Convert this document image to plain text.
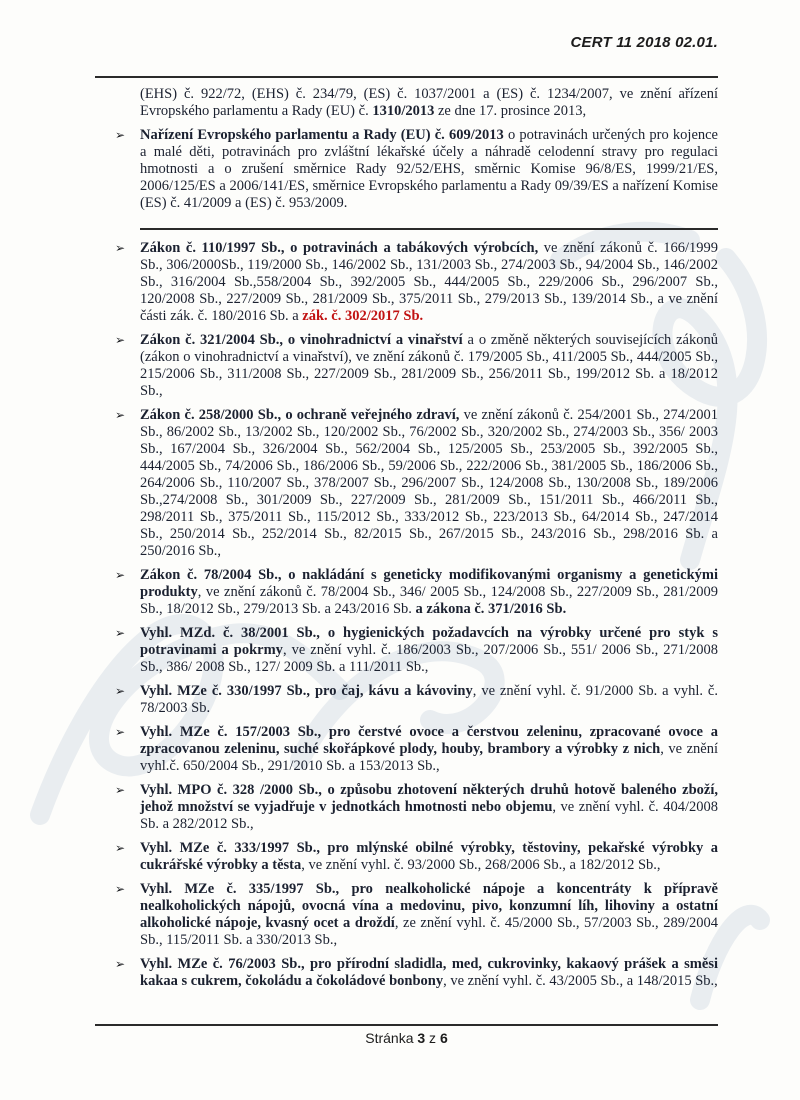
CERT 11 2018 02.01.
(EHS) č. 922/72, (EHS) č. 234/79, (ES) č. 1037/2001 a (ES) č. 1234/2007, ve znění ařízení Evropského parlamentu a Rady (EU) č. 1310/2013 ze dne 17. prosince 2013,
➢ Nařízení Evropského parlamentu a Rady (EU) č. 609/2013 o potravinách určených pro kojence a malé děti, potravinách pro zvláštní lékařské účely a náhradě celodenní stravy pro regulaci hmotnosti a o zrušení směrnice Rady 92/52/EHS, směrnic Komise 96/8/ES, 1999/21/ES, 2006/125/ES a 2006/141/ES, směrnice Evropského parlamentu a Rady 09/39/ES a nařízení Komise (ES) č. 41/2009 a (ES) č. 953/2009.
➢ Zákon č. 110/1997 Sb., o potravinách a tabákových výrobcích, ve znění zákonů č. 166/1999 Sb., 306/2000Sb., 119/2000 Sb., 146/2002 Sb., 131/2003 Sb., 274/2003 Sb., 94/2004 Sb., 146/2002 Sb., 316/2004 Sb.,558/2004 Sb., 392/2005 Sb., 444/2005 Sb., 229/2006 Sb., 296/2007 Sb., 120/2008 Sb., 227/2009 Sb., 281/2009 Sb., 375/2011 Sb., 279/2013 Sb., 139/2014 Sb., a ve znění části zák. č. 180/2016 Sb. a zák. č. 302/2017 Sb.
➢ Zákon č. 321/2004 Sb., o vinohradnictví a vinařství a o změně některých souvisejících zákonů (zákon o vinohradnictví a vinařství), ve znění zákonů č. 179/2005 Sb., 411/2005 Sb., 444/2005 Sb., 215/2006 Sb., 311/2008 Sb., 227/2009 Sb., 281/2009 Sb., 256/2011 Sb., 199/2012 Sb. a 18/2012 Sb.,
➢ Zákon č. 258/2000 Sb., o ochraně veřejného zdraví, ve znění zákonů č. 254/2001 Sb., 274/2001 Sb., 86/2002 Sb., 13/2002 Sb., 120/2002 Sb., 76/2002 Sb., 320/2002 Sb., 274/2003 Sb., 356/ 2003 Sb., 167/2004 Sb., 326/2004 Sb., 562/2004 Sb., 125/2005 Sb., 253/2005 Sb., 392/2005 Sb., 444/2005 Sb., 74/2006 Sb., 186/2006 Sb., 59/2006 Sb., 222/2006 Sb., 381/2005 Sb., 186/2006 Sb., 264/2006 Sb., 110/2007 Sb., 378/2007 Sb., 296/2007 Sb., 124/2008 Sb., 130/2008 Sb., 189/2006 Sb.,274/2008 Sb., 301/2009 Sb., 227/2009 Sb., 281/2009 Sb., 151/2011 Sb., 466/2011 Sb., 298/2011 Sb., 375/2011 Sb., 115/2012 Sb., 333/2012 Sb., 223/2013 Sb., 64/2014 Sb., 247/2014 Sb., 250/2014 Sb., 252/2014 Sb., 82/2015 Sb., 267/2015 Sb., 243/2016 Sb., 298/2016 Sb. a 250/2016 Sb.,
➢ Zákon č. 78/2004 Sb., o nakládání s geneticky modifikovanými organismy a genetickými produkty, ve znění zákonů č. 78/2004 Sb., 346/ 2005 Sb., 124/2008 Sb., 227/2009 Sb., 281/2009 Sb., 18/2012 Sb., 279/2013 Sb. a 243/2016 Sb. a zákona č. 371/2016 Sb.
➢ Vyhl. MZd. č. 38/2001 Sb., o hygienických požadavcích na výrobky určené pro styk s potravinami a pokrmy, ve znění vyhl. č. 186/2003 Sb., 207/2006 Sb., 551/ 2006 Sb., 271/2008 Sb., 386/ 2008 Sb., 127/ 2009 Sb. a 111/2011 Sb.,
➢ Vyhl. MZe č. 330/1997 Sb., pro čaj, kávu a kávoviny, ve znění vyhl. č. 91/2000 Sb. a vyhl. č. 78/2003 Sb.
➢ Vyhl. MZe č. 157/2003 Sb., pro čerstvé ovoce a čerstvou zeleninu, zpracované ovoce a zpracovanou zeleninu, suché skořápkové plody, houby, brambory a výrobky z nich, ve znění vyhl.č. 650/2004 Sb., 291/2010 Sb. a 153/2013 Sb.,
➢ Vyhl. MPO č. 328 /2000 Sb., o způsobu zhotovení některých druhů hotově baleného zboží, jehož množství se vyjadřuje v jednotkách hmotnosti nebo objemu, ve znění vyhl. č. 404/2008 Sb. a 282/2012 Sb.,
➢ Vyhl. MZe č. 333/1997 Sb., pro mlýnské obilné výrobky, těstoviny, pekařské výrobky a cukrářské výrobky a těsta, ve znění vyhl. č. 93/2000 Sb., 268/2006 Sb., a 182/2012 Sb.,
➢ Vyhl. MZe č. 335/1997 Sb., pro nealkoholické nápoje a koncentráty k přípravě nealkoholických nápojů, ovocná vína a medovinu, pivo, konzumní líh, lihoviny a ostatní alkoholické nápoje, kvasný ocet a droždí, ze znění vyhl. č. 45/2000 Sb., 57/2003 Sb., 289/2004 Sb., 115/2011 Sb. a 330/2013 Sb.,
➢ Vyhl. MZe č. 76/2003 Sb., pro přírodní sladidla, med, cukrovinky, kakaový prášek a směsi kakaa s cukrem, čokoládu a čokoládové bonbony, ve znění vyhl. č. 43/2005 Sb., a 148/2015 Sb.,
Stránka 3 z 6
